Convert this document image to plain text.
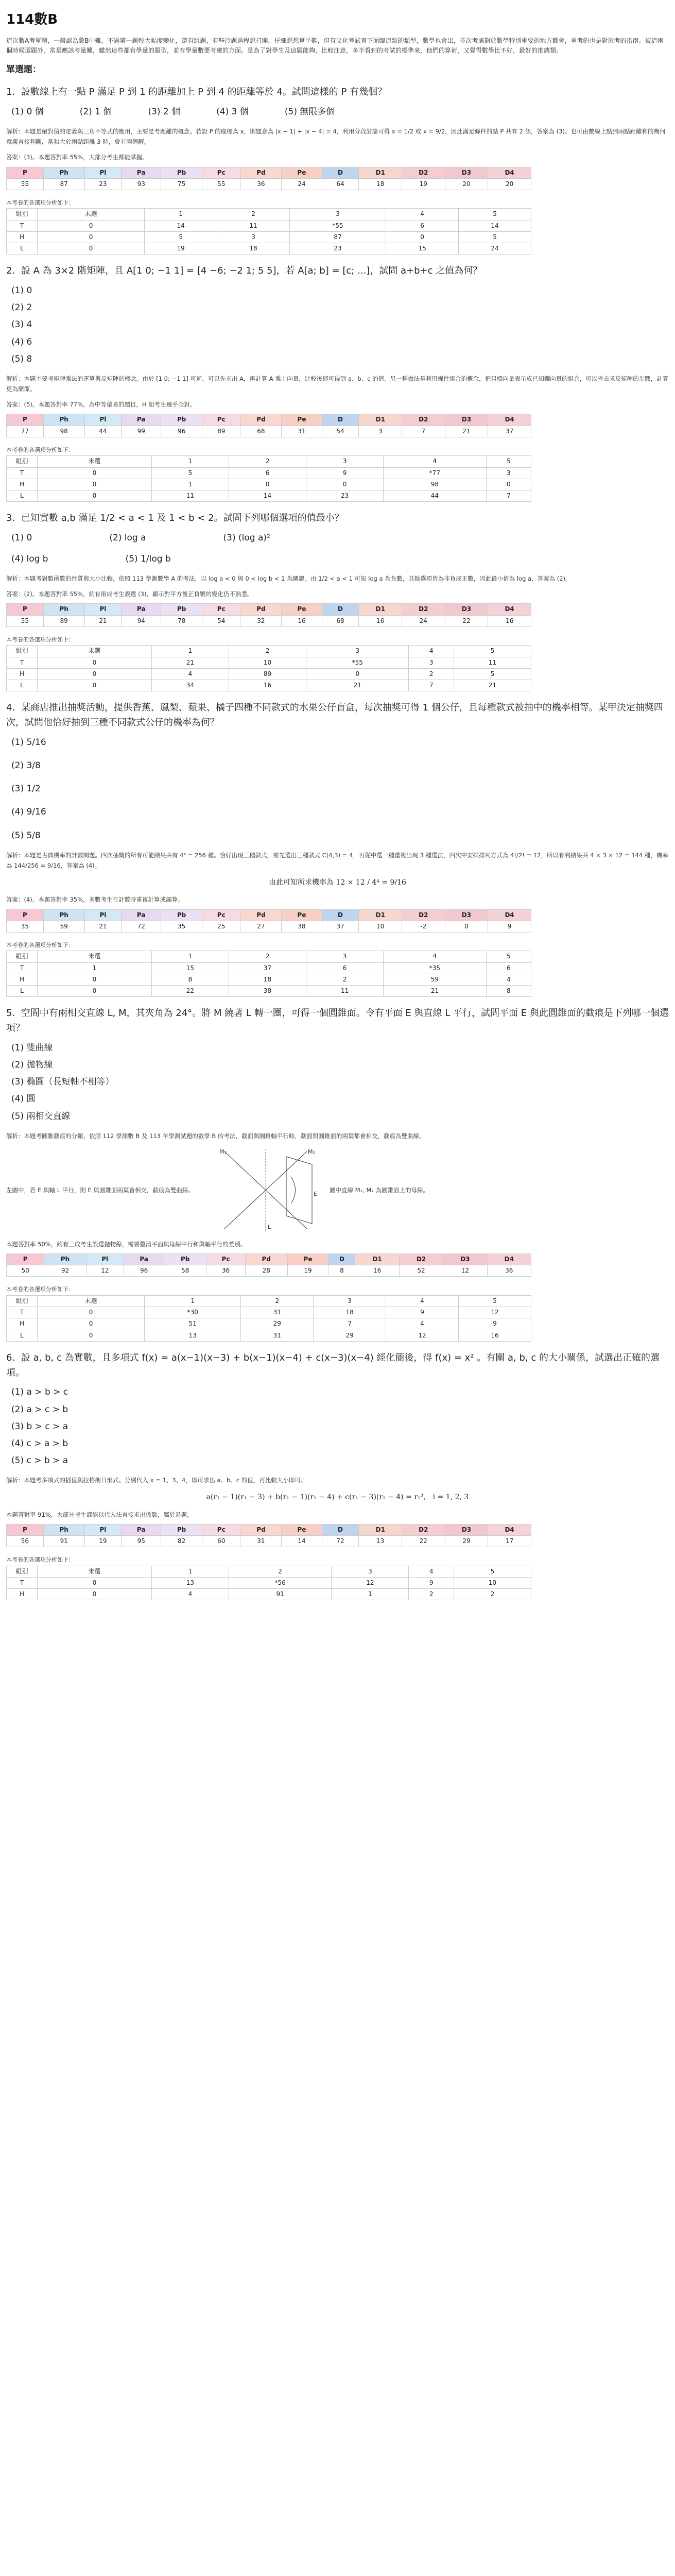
114數B
這次數A考單題，一般認為數B中難，不過第一題較大幅度變化，還有組題，有些冷題過程想打開，仔細想想算平難，但有文化考試直下面臨這類的類型，數學也會出，並次考慮對於數學特別重要的地方都會，重考的也是對於考的指南。被這兩個時候選題外，常是應該考量難，雖然這些都有學量的題型，並有學量數要考慮的方面。是為了對學生及這題能夠，比較注意，多半看到的考試的標準來，他們的算術，又覺得數學比不好，最好的推薦類。
單選題：
1. 設數線上有一點 P 滿足 P 到 1 的距離加上 P 到 4 的距離等於 4。試問這樣的 P 有幾個？
(1) 0 個	(2) 1 個	(3) 2 個	(4) 3 個	(5) 無限多個
解析：本題是絕對值的定義與三角不等式的應用，主要是考距離的概念。若設 P 的座標為 x，則題意為 |x − 1| + |x − 4| = 4，利用分段討論可得 x = 1/2 或 x = 9/2，因此滿足條件的點 P 共有 2 個，答案為 (3)。也可由數線上點到兩點距離和的幾何意義直接判斷，當和大於兩點距離 3 時，會有兩個解。
答案：(3)。本題答對率 55%，大部分考生都能掌握。
P	Ph	Pl	Pa	Pb	Pc	Pd	Pe	D	D1	D2	D3	D4
55	87	23	93	75	55	36	24	64	18	19	20	20
本考卷的各選項分析如下：
組別	未選	1	2	3	4	5
T	0	14	11	*55	6	14
H	0	5	3	87	0	5
L	0	19	18	23	15	24
2. 設 A 為 3×2 階矩陣，且 A[1 0; −1 1] = [4 −6; −2 1; 5 5]，若 A[a; b] = [c; ...]，試問 a+b+c 之值為何？
(1) 0
(2) 2
(3) 4
(4) 6
(5) 8
解析：本題主要考矩陣乘法的運算與反矩陣的概念。由於 [1 0; −1 1] 可逆，可以先求出 A，再計算 A 乘上向量，比較後即可得到 a、b、c 的值。另一種做法是利用線性組合的概念，把目標向量表示成已知欄向量的組合，可以省去求反矩陣的步驟，計算更為簡潔。
答案：(5)。本題答對率 77%，為中等偏易的題目，H 組考生幾乎全對。
P	Ph	Pl	Pa	Pb	Pc	Pd	Pe	D	D1	D2	D3	D4
77	98	44	99	96	89	68	31	54	3	7	21	37
本考卷的各選項分析如下：
組別	未選	1	2	3	4	5
T	0	5	6	9	*77	3
H	0	1	0	0	98	0
L	0	11	14	23	44	7
3. 已知實數 a,b 滿足 1/2 < a < 1 及 1 < b < 2。試問下列哪個選項的值最小？
(1) 0	(2) log a	(3) (log a)²
(4) log b	(5) 1/log b
解析：本題考對數函數的性質與大小比較，依照 113 學測數學 A 的考法，以 log a < 0 與 0 < log b < 1 為關鍵。由 1/2 < a < 1 可知 log a 為負數，其餘選項皆為非負或正數，因此最小值為 log a，答案為 (2)。
答案：(2)。本題答對率 55%，約有兩成考生誤選 (3)，顯示對平方後正負號的變化仍不熟悉。
P	Ph	Pl	Pa	Pb	Pc	Pd	Pe	D	D1	D2	D3	D4
55	89	21	94	78	54	32	16	68	16	24	22	16
本考卷的各選項分析如下：
組別	未選	1	2	3	4	5
T	0	21	10	*55	3	11
H	0	4	89	0	2	5
L	0	34	16	21	7	21
4. 某商店推出抽獎活動，提供香蕉、鳳梨、蘋果、橘子四種不同款式的水果公仔盲盒，每次抽獎可得 1 個公仔，且每種款式被抽中的機率相等。某甲決定抽獎四次，試問他恰好抽到三種不同款式公仔的機率為何？
(1) 5/16
(2) 3/8
(3) 1/2
(4) 9/16
(5) 5/8
解析：本題是古典機率的計數問題。四次抽獎的所有可能結果共有 4⁴ = 256 種。恰好出現三種款式，需先選出三種款式 C(4,3) = 4，再從中選一種重複出現 3 種選法，四次中安排排列方式為 4!/2! = 12，所以有利結果共 4 × 3 × 12 = 144 種，機率為 144/256 = 9/16，答案為 (4)。
由此可知所求機率為 12 × 12 / 4⁴ = 9/16
答案：(4)。本題答對率 35%，多數考生在計數時重複計算或漏算。
P	Ph	Pl	Pa	Pb	Pc	Pd	Pe	D	D1	D2	D3	D4
35	59	21	72	35	25	27	38	37	10	-2	0	9
本考卷的各選項分析如下：
組別	未選	1	2	3	4	5
T	1	15	37	6	*35	6
H	0	8	18	2	59	4
L	0	22	38	11	21	8
5. 空間中有兩相交直線 L, M，其夾角為 24°。將 M 繞著 L 轉一圈，可得一個圓錐面。令有平面 E 與直線 L 平行，試問平面 E 與此圓錐面的截痕是下列哪一個選項？
(1) 雙曲線
(2) 拋物線
(3) 橢圓（長短軸不相等）
(4) 圓
(5) 兩相交直線
解析：本題考圓錐截痕的分類，依照 112 學測數 B 及 113 年學測試題的數學 B 的考法，截面與圓錐軸平行時，截面與圓錐面的兩葉都會相交，截痕為雙曲線。
左圖中，若 E 與軸 L 平行，則 E 與圓錐面兩葉皆相交，截痕為雙曲線。
M₁	M₂
L
E
圖中直線 M₁, M₂ 為圓錐面上的母線。
本題答對率 50%，約有三成考生誤選拋物線，需要釐清平面與母線平行和與軸平行的差別。
P	Ph	Pl	Pa	Pb	Pc	Pd	Pe	D	D1	D2	D3	D4
50	92	12	96	58	36	28	19	8	16	52	12	36
本考卷的各選項分析如下：
組別	未選	1	2	3	4	5
T	0	*30	31	18	9	12
H	0	51	29	7	4	9
L	0	13	31	29	12	16
6. 設 a, b, c 為實數，且多項式 f(x) = a(x−1)(x−3) + b(x−1)(x−4) + c(x−3)(x−4) 經化簡後，得 f(x) = x² 。有關 a, b, c 的大小關係，試選出正確的選項。
(1) a > b > c
(2) a > c > b
(3) b > c > a
(4) c > a > b
(5) c > b > a
解析：本題考多項式的插值與拉格朗日形式。分別代入 x = 1、3、4，即可求出 a、b、c 的值，再比較大小即可。
a(r₁ − 1)(r₁ − 3) + b(r₁ − 1)(r₁ − 4) + c(r₁ − 3)(r₁ − 4) = r₁²， i = 1, 2, 3
本題答對率 91%，大部分考生都能以代入法直接求出係數，屬於易題。
P	Ph	Pl	Pa	Pb	Pc	Pd	Pe	D	D1	D2	D3	D4
56	91	19	95	82	60	31	14	72	13	22	29	17
本考卷的各選項分析如下：
組別	未選	1	2	3	4	5
T	0	13	*56	12	9	10
H	0	4	91	1	2	2
